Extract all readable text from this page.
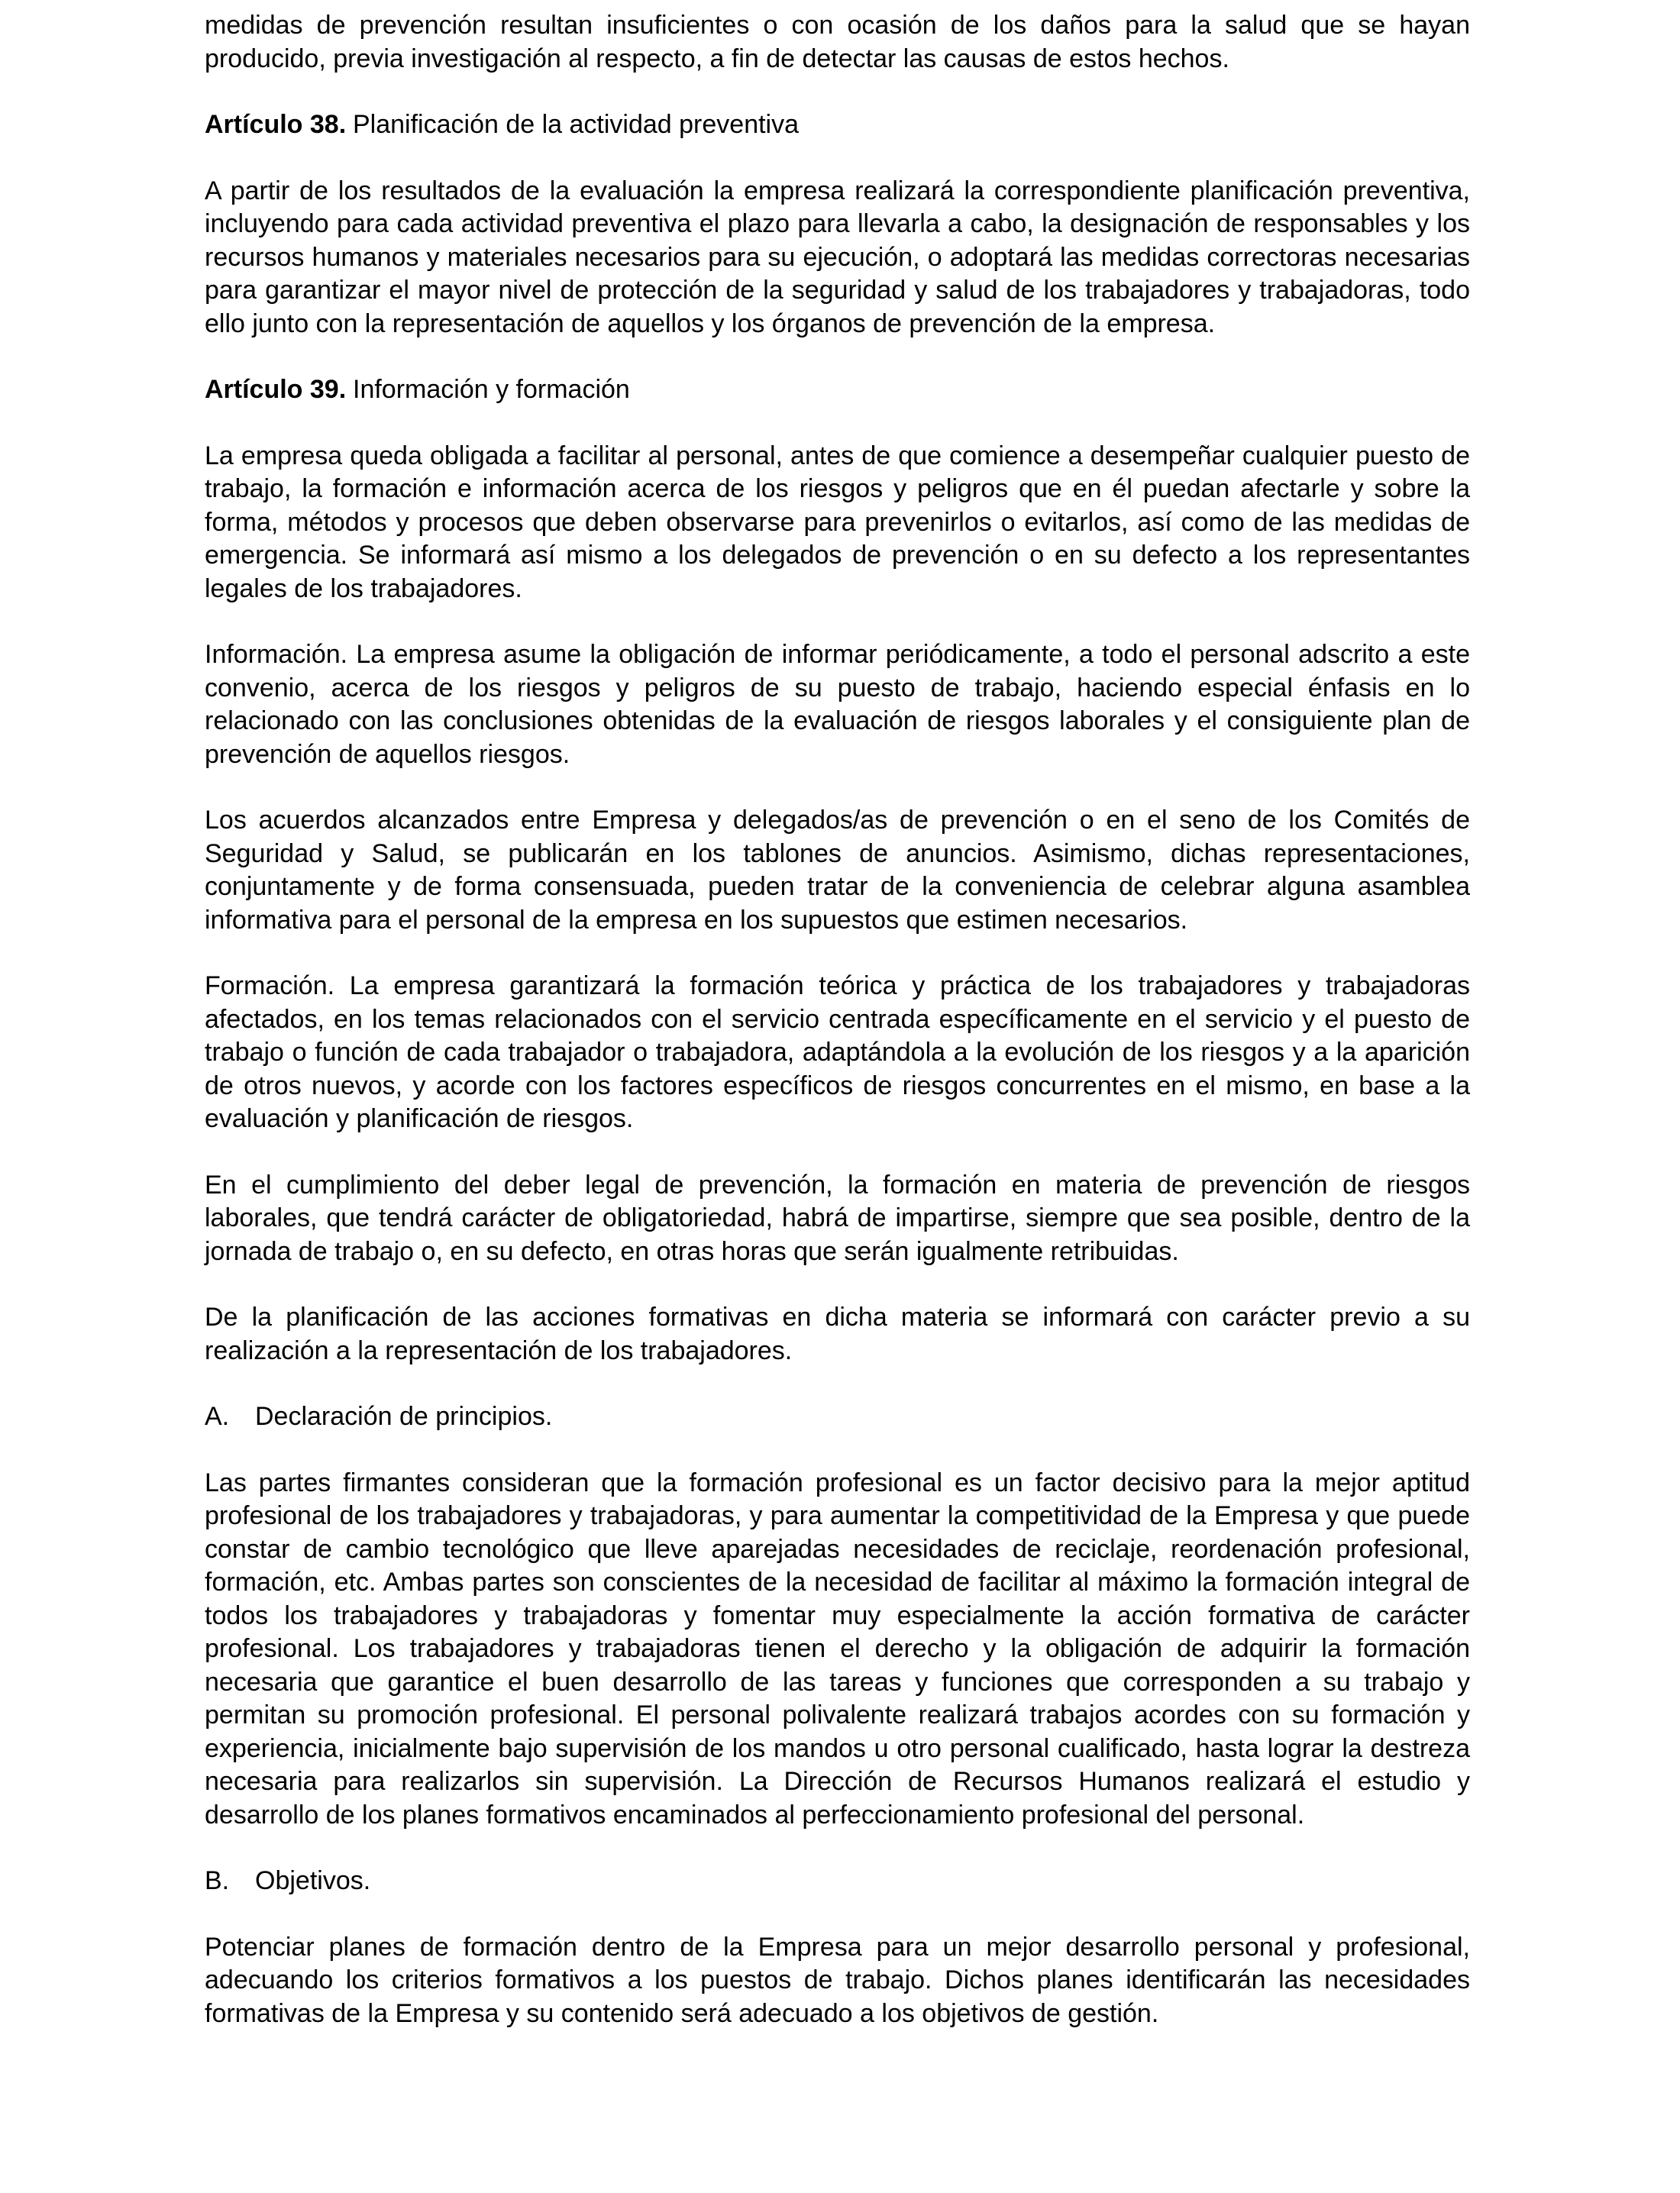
medidas de prevención resultan insuficientes o con ocasión de los daños para la salud que se hayan producido, previa investigación al respecto, a fin de detectar las causas de estos hechos.

Artículo 38. Planificación de la actividad preventiva

A partir de los resultados de la evaluación la empresa realizará la correspondiente planificación preventiva, incluyendo para cada actividad preventiva el plazo para llevarla a cabo, la designación de responsables y los recursos humanos y materiales necesarios para su ejecución, o adoptará las medidas correctoras necesarias para garantizar el mayor nivel de protección de la seguridad y salud de los trabajadores y trabajadoras, todo ello junto con la representación de aquellos y los órganos de prevención de la empresa.

Artículo 39. Información y formación

La empresa queda obligada a facilitar al personal, antes de que comience a desempeñar cualquier puesto de trabajo, la formación e información acerca de los riesgos y peligros que en él puedan afectarle y sobre la forma, métodos y procesos que deben observarse para prevenirlos o evitarlos, así como de las medidas de emergencia. Se informará así mismo a los delegados de prevención o en su defecto a los representantes legales de los trabajadores.

Información. La empresa asume la obligación de informar periódicamente, a todo el personal adscrito a este convenio, acerca de los riesgos y peligros de su puesto de trabajo, haciendo especial énfasis en lo relacionado con las conclusiones obtenidas de la evaluación de riesgos laborales y el consiguiente plan de prevención de aquellos riesgos.

Los acuerdos alcanzados entre Empresa y delegados/as de prevención o en el seno de los Comités de Seguridad y Salud, se publicarán en los tablones de anuncios. Asimismo, dichas representaciones, conjuntamente y de forma consensuada, pueden tratar de la conveniencia de celebrar alguna asamblea informativa para el personal de la empresa en los supuestos que estimen necesarios.

Formación. La empresa garantizará la formación teórica y práctica de los trabajadores y trabajadoras afectados, en los temas relacionados con el servicio centrada específicamente en el servicio y el puesto de trabajo o función de cada trabajador o trabajadora, adaptándola a la evolución de los riesgos y a la aparición de otros nuevos, y acorde con los factores específicos de riesgos concurrentes en el mismo, en base a la evaluación y planificación de riesgos.

En el cumplimiento del deber legal de prevención, la formación en materia de prevención de riesgos laborales, que tendrá carácter de obligatoriedad, habrá de impartirse, siempre que sea posible, dentro de la jornada de trabajo o, en su defecto, en otras horas que serán igualmente retribuidas.

De la planificación de las acciones formativas en dicha materia se informará con carácter previo a su realización a la representación de los trabajadores.

A. Declaración de principios.

Las partes firmantes consideran que la formación profesional es un factor decisivo para la mejor aptitud profesional de los trabajadores y trabajadoras, y para aumentar la competitividad de la Empresa y que puede constar de cambio tecnológico que lleve aparejadas necesidades de reciclaje, reordenación profesional, formación, etc. Ambas partes son conscientes de la necesidad de facilitar al máximo la formación integral de todos los trabajadores y trabajadoras y fomentar muy especialmente la acción formativa de carácter profesional. Los trabajadores y trabajadoras tienen el derecho y la obligación de adquirir la formación necesaria que garantice el buen desarrollo de las tareas y funciones que corresponden a su trabajo y permitan su promoción profesional. El personal polivalente realizará trabajos acordes con su formación y experiencia, inicialmente bajo supervisión de los mandos u otro personal cualificado, hasta lograr la destreza necesaria para realizarlos sin supervisión. La Dirección de Recursos Humanos realizará el estudio y desarrollo de los planes formativos encaminados al perfeccionamiento profesional del personal.

B. Objetivos.

Potenciar planes de formación dentro de la Empresa para un mejor desarrollo personal y profesional, adecuando los criterios formativos a los puestos de trabajo. Dichos planes identificarán las necesidades formativas de la Empresa y su contenido será adecuado a los objetivos de gestión.
